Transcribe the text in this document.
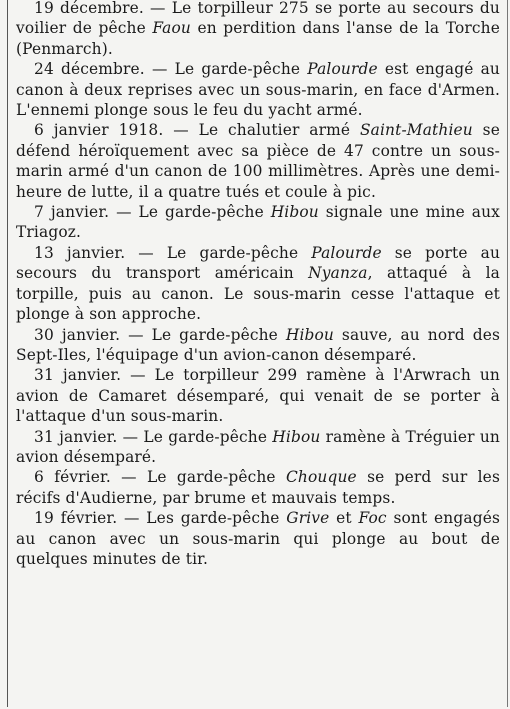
19 décembre. — Le torpilleur 275 se porte au secours du voilier de pêche Faou en perdition dans l'anse de la Torche (Penmarch).

24 décembre. — Le garde-pêche Palourde est engagé au canon à deux reprises avec un sous-marin, en face d'Armen. L'ennemi plonge sous le feu du yacht armé.

6 janvier 1918. — Le chalutier armé Saint-Mathieu se défend héroïquement avec sa pièce de 47 contre un sous-marin armé d'un canon de 100 millimètres. Après une demi-heure de lutte, il a quatre tués et coule à pic.

7 janvier. — Le garde-pêche Hibou signale une mine aux Triagoz.

13 janvier. — Le garde-pêche Palourde se porte au secours du transport américain Nyanza, attaqué à la torpille, puis au canon. Le sous-marin cesse l'attaque et plonge à son approche.

30 janvier. — Le garde-pêche Hibou sauve, au nord des Sept-Iles, l'équipage d'un avion-canon désemparé.

31 janvier. — Le torpilleur 299 ramène à l'Arwrach un avion de Camaret désemparé, qui venait de se porter à l'attaque d'un sous-marin.

31 janvier. — Le garde-pêche Hibou ramène à Tréguier un avion désemparé.

6 février. — Le garde-pêche Chouque se perd sur les récifs d'Audierne, par brume et mauvais temps.

19 février. — Les garde-pêche Grive et Foc sont engagés au canon avec un sous-marin qui plonge au bout de quelques minutes de tir.
